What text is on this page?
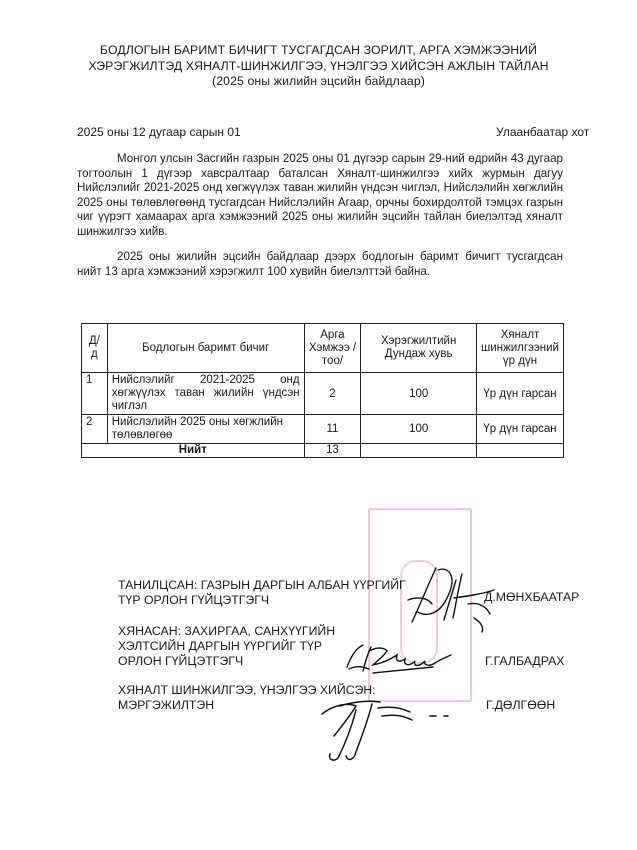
БОДЛОГЫН БАРИМТ БИЧИГТ ТУСГАГДСАН ЗОРИЛТ, АРГА ХЭМЖЭЭНИЙ
ХЭРЭГЖИЛТЭД ХЯНАЛТ-ШИНЖИЛГЭЭ, ҮНЭЛГЭЭ ХИЙСЭН АЖЛЫН ТАЙЛАН
(2025 оны жилийн эцсийн байдлаар)
2025 оны 12 дугаар сарын 01	Улаанбаатар хот
Монгол улсын Засгийн газрын 2025 оны 01 дүгээр сарын 29-ний өдрийн 43 дугаар тогтоолын 1 дүгээр хавсралтаар баталсан Хяналт-шинжилгээ хийх журмын дагуу Нийслэлийг 2021-2025 онд хөгжүүлэх таван жилийн үндсэн чиглэл, Нийслэлийн хөгжлийн 2025 оны төлөвлөгөөнд тусгагдсан Нийслэлийн Агаар, орчны бохирдолтой тэмцэх газрын чиг үүрэгт хамаарах арга хэмжээний 2025 оны жилийн эцсийн тайлан биелэлтэд хяналт шинжилгээ хийв.
2025 оны жилийн эцсийн байдлаар дээрх бодлогын баримт бичигт тусгагдсан нийт 13 арга хэмжээний хэрэгжилт 100 хувийн биелэлттэй байна.
Д/д	Бодлогын баримт бичиг	Арга Хэмжээ /тоо/	Хэрэгжилтийн Дундаж хувь	Хяналт шинжилгээний үр дүн
1	Нийслэлийг 2021-2025 онд хөгжүүлэх таван жилийн үндсэн чиглэл	2	100	Үр дүн гарсан
2	Нийслэлийн 2025 оны хөгжлийн төлөвлөгөө	11	100	Үр дүн гарсан
Нийт		13		
ТАНИЛЦСАН: ГАЗРЫН ДАРГЫН АЛБАН ҮҮРГИЙГ
ТҮР ОРЛОН ГҮЙЦЭТГЭГЧ	Д.МӨНХБААТАР
ХЯНАСАН: ЗАХИРГАА, САНХҮҮГИЙН
ХЭЛТСИЙН ДАРГЫН ҮҮРГИЙГ ТҮР
ОРЛОН ГҮЙЦЭТГЭГЧ	Г.ГАЛБАДРАХ
ХЯНАЛТ ШИНЖИЛГЭЭ, ҮНЭЛГЭЭ ХИЙСЭН:
МЭРГЭЖИЛТЭН	Г.ДӨЛГӨӨН
